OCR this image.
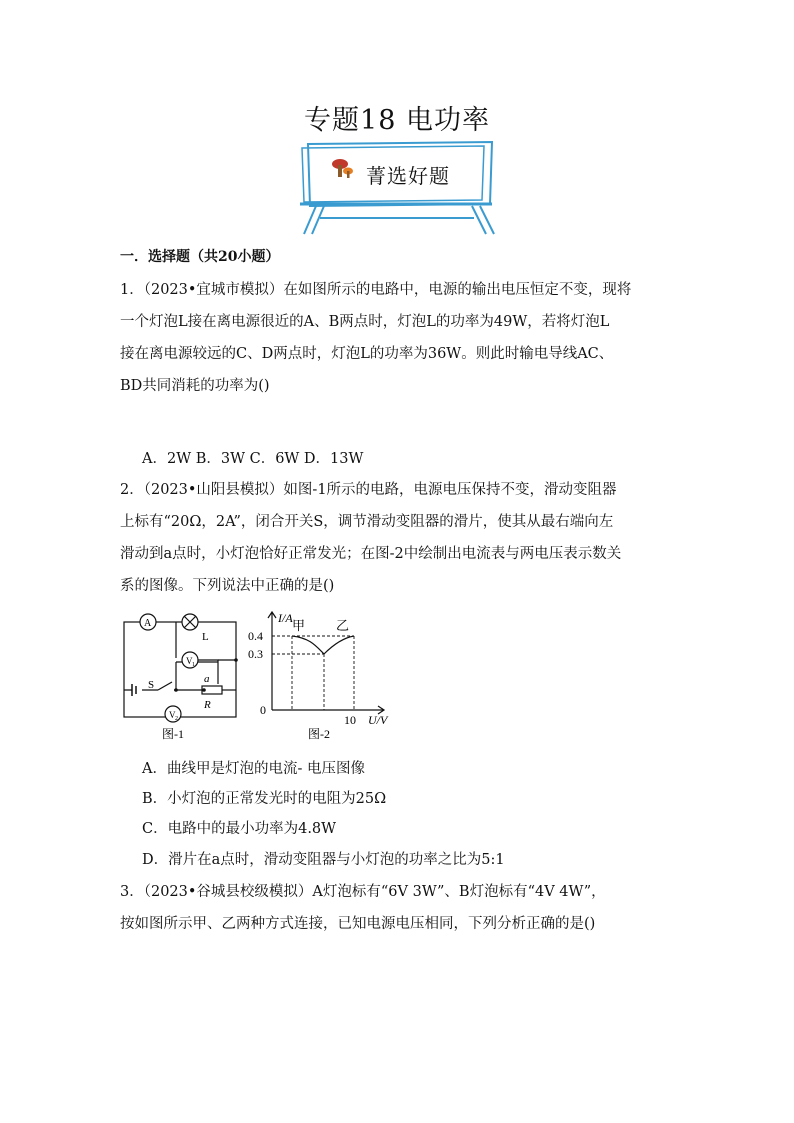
专题18 电功率
菁选好题
一．选择题（共20小题）
1．（2023•宜城市模拟）在如图所示的电路中，电源的输出电压恒定不变，现将
一个灯泡L接在离电源很近的A、B两点时，灯泡L的功率为49W，若将灯泡L
接在离电源较远的C、D两点时，灯泡L的功率为36W。则此时输电导线AC、
BD共同消耗的功率为()
A．2W B．3W C．6W D．13W
2．（2023•山阳县模拟）如图-1所示的电路，电源电压保持不变，滑动变阻器
上标有“20Ω，2A”，闭合开关S，调节滑动变阻器的滑片，使其从最右端向左
滑动到a点时，小灯泡恰好正常发光；在图-2中绘制出电流表与两电压表示数关
系的图像。下列说法中正确的是()
A
L
V 1
S	a
R
V 2
图-1
I/A
0.4
0.3
0
10 U/V
甲 乙
图-2
A．曲线甲是灯泡的电流- 电压图像
B．小灯泡的正常发光时的电阻为25Ω
C．电路中的最小功率为4.8W
D．滑片在a点时，滑动变阻器与小灯泡的功率之比为5:1
3．（2023•谷城县校级模拟）A灯泡标有“6V 3W”、B灯泡标有“4V 4W”，
按如图所示甲、乙两种方式连接，已知电源电压相同，下列分析正确的是()
